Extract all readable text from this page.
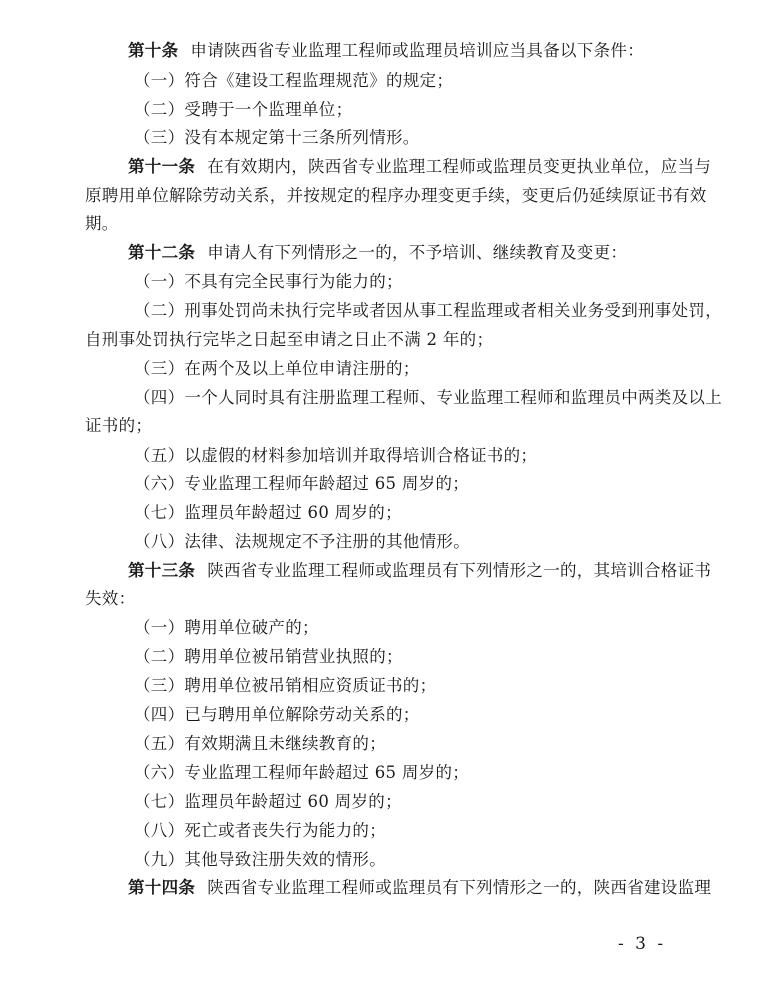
第十条 申请陕西省专业监理工程师或监理员培训应当具备以下条件：
（一）符合《建设工程监理规范》的规定；
（二）受聘于一个监理单位；
（三）没有本规定第十三条所列情形。
第十一条 在有效期内，陕西省专业监理工程师或监理员变更执业单位，应当与
原聘用单位解除劳动关系，并按规定的程序办理变更手续，变更后仍延续原证书有效
期。
第十二条 申请人有下列情形之一的，不予培训、继续教育及变更：
（一）不具有完全民事行为能力的；
（二）刑事处罚尚未执行完毕或者因从事工程监理或者相关业务受到刑事处罚，
自刑事处罚执行完毕之日起至申请之日止不满 2 年的；
（三）在两个及以上单位申请注册的；
（四）一个人同时具有注册监理工程师、专业监理工程师和监理员中两类及以上
证书的；
（五）以虚假的材料参加培训并取得培训合格证书的；
（六）专业监理工程师年龄超过 65 周岁的；
（七）监理员年龄超过 60 周岁的；
（八）法律、法规规定不予注册的其他情形。
第十三条 陕西省专业监理工程师或监理员有下列情形之一的，其培训合格证书
失效：
（一）聘用单位破产的；
（二）聘用单位被吊销营业执照的；
（三）聘用单位被吊销相应资质证书的；
（四）已与聘用单位解除劳动关系的；
（五）有效期满且未继续教育的；
（六）专业监理工程师年龄超过 65 周岁的；
（七）监理员年龄超过 60 周岁的；
（八）死亡或者丧失行为能力的；
（九）其他导致注册失效的情形。
第十四条 陕西省专业监理工程师或监理员有下列情形之一的，陕西省建设监理
- 3 -
